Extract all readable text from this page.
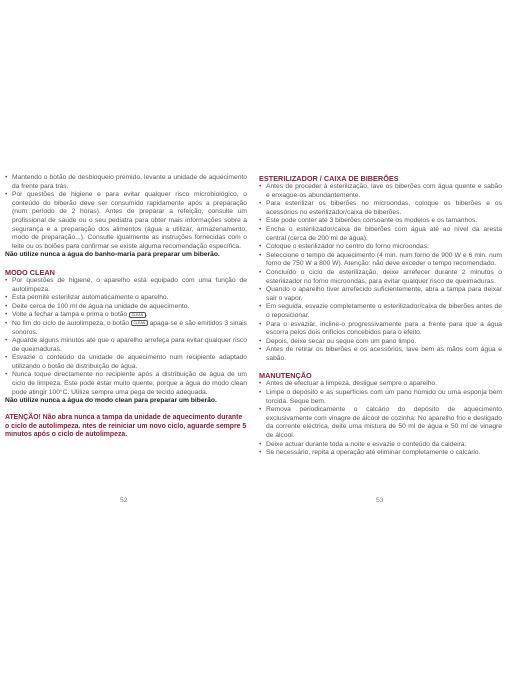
• Mantendo o botão de desbloqueio premido, levante a unidade de aquecimento da frente para trás.
• Por questões de higiene e para evitar qualquer risco microbiológico, o conteúdo do biberão deve ser consumido rapidamente após a preparação (num período de 2 horas). Antes de preparar a refeição, consulte um profissional de saúde ou o seu pediatra para obter mais informações sobre a segurança e a preparação dos alimentos (água a utilizar, armazenamento, modo de preparação...). Consulte igualmente as instruções fornecidas com o leite ou os boiões para confirmar se existe alguma recomendação específica.

Não utilize nunca a água do banho-maria para preparar um biberão.

MODO CLEAN

• Por questões de higiene, o aparelho está equipado com uma função de autolimpeza.
• Esta permite esterilizar automaticamente o aparelho.
• Deite cerca de 100 ml de água na unidade de aquecimento.
• Volte a fechar a tampa e prima o botão CLEAN .
• No fim do ciclo de autolimpeza, o botão CLEAN apaga-se e são emitidos 3 sinais sonoros.
• Aguarde alguns minutos até que o aparelho arrefeça para evitar qualquer risco de queimaduras.
• Esvazie o conteúdo da unidade de aquecimento num recipiente adaptado utilizando o botão de distribuição de água.
• Nunca toque directamente no recipiente após a distribuição de água de um ciclo de limpeza. Este pode estar muito quente, porque a água do modo clean pode atingir 100°C. Utilize sempre uma pega de tecido adequada.

Não utilize nunca a água do modo clean para preparar um biberão.

ATENÇÃO! Não abra nunca a tampa da unidade de aquecimento durante o ciclo de autolimpeza. ntes de reiniciar um novo ciclo, aguarde sempre 5 minutos após o ciclo de autolimpeza.

ESTERILIZADOR / CAIXA DE BIBERÕES

• Antes de proceder à esterilização, lave os biberões com água quente e sabão e enxagúe-os abundantemente.
• Para esterilizar os biberões no microondas, coloque os biberões e os acessórios no esterilizador/caixa de biberões.
• Este pode conter até 3 biberões consoante os modelos e os tamanhos.
• Encha o esterilizador/caixa de biberões com água até ao nível da aresta central (cerca de 200 ml de água).
• Coloque o esterilizador no centro do forno microondas.
• Seleccione o tempo de aquecimento (4 min. num forno de 900 W e 6 min. num forno de 750 W a 800 W). Atenção: não deve exceder o tempo recomendado.
• Concluído o ciclo de esterilização, deixe arrefecer durante 2 minutos o esterilizador no forno microondas, para evitar qualquer risco de queimaduras.
• Quando o aparelho tiver arrefecido suficientemente, abra a tampa para deixar sair o vapor.
• Em seguida, esvazie completamente o esterilizador/caixa de biberões antes de o reposicionar.
• Para o esvaziar, incline-o progressivamente para a frente para que a água escorra pelos dois orifícios concebidos para o efeito.
• Depois, deixe secar ou seque com um pano limpo.
• Antes de retirar os biberões e os acessórios, lave bem as mãos com água e sabão.

MANUTENÇÃO

• Antes de efectuar a limpeza, desligue sempre o aparelho.
• Limpe o depósito e as superfícies com um pano húmido ou uma esponja bem torcida. Seque bem.
• Remova periodicamente o calcário do depósito de aquecimento exclusivamente com vinagre de álcool de cozinha: No aparelho frio e desligado da corrente eléctrica, deite uma mistura de 50 ml de água e 50 ml de vinagre de álcool.
• Deixe actuar durante toda a noite e esvazie o conteúdo da caldeira.
• Se necessário, repita a operação até eliminar completamente o calcário.
52	53
